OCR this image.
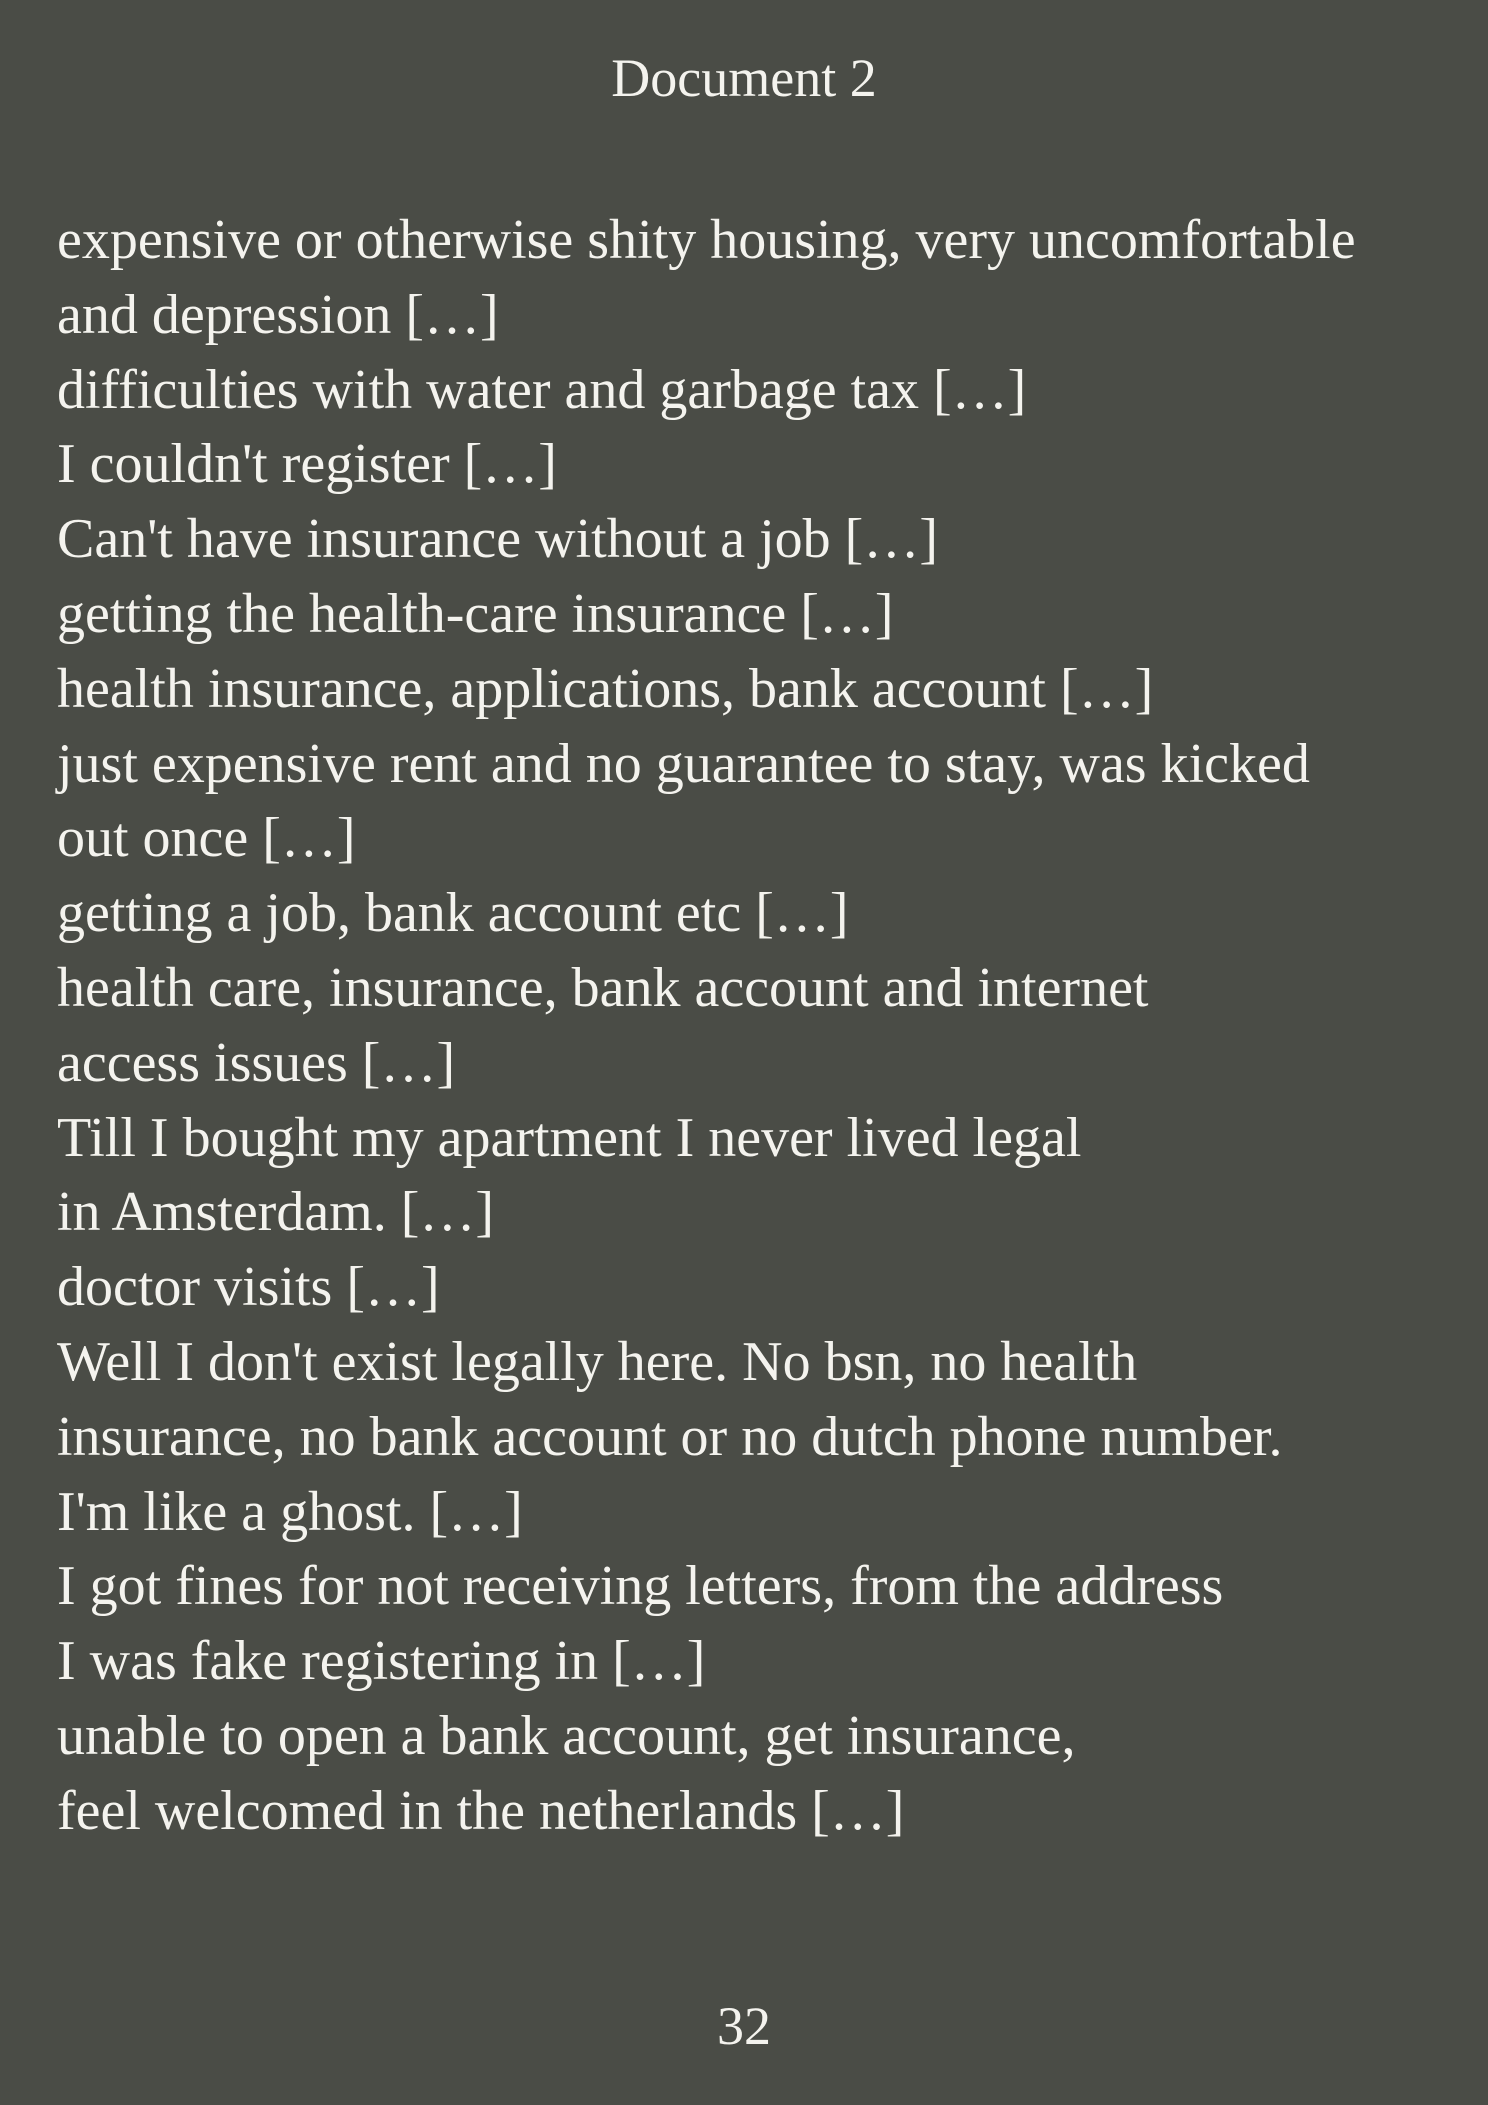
Document 2
expensive or otherwise shity housing, very uncomfortable
and depression […]
difficulties with water and garbage tax […]
I couldn't register […]
Can't have insurance without a job […]
getting the health-care insurance […]
health insurance, applications, bank account […]
just expensive rent and no guarantee to stay, was kicked
out once […]
getting a job, bank account etc […]
health care, insurance, bank account and internet
access issues […]
Till I bought my apartment I never lived legal
in Amsterdam. […]
doctor visits […]
Well I don't exist legally here. No bsn, no health
insurance, no bank account or no dutch phone number.
I'm like a ghost. […]
I got fines for not receiving letters, from the address
I was fake registering in […]
unable to open a bank account, get insurance,
feel welcomed in the netherlands […]
32
